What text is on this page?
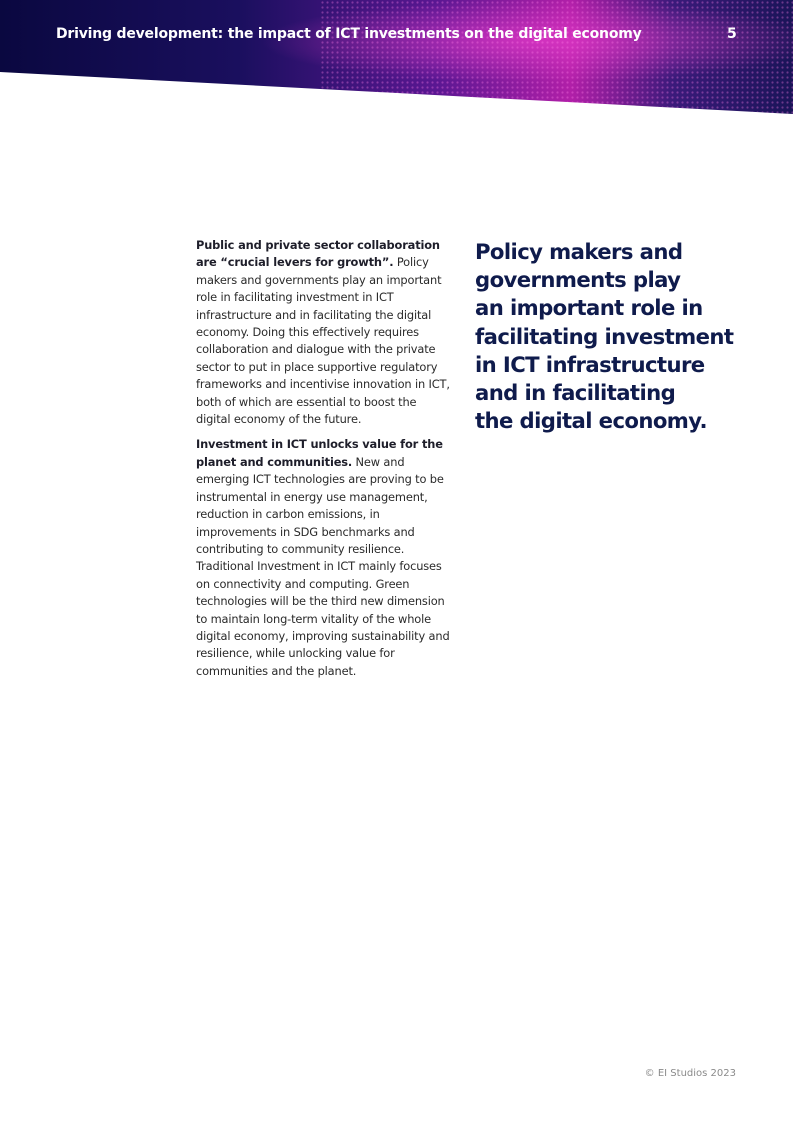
Driving development: the impact of ICT investments on the digital economy	5

Public and private sector collaboration are “crucial levers for growth”. Policy makers and governments play an important role in facilitating investment in ICT infrastructure and in facilitating the digital economy. Doing this effectively requires collaboration and dialogue with the private sector to put in place supportive regulatory frameworks and incentivise innovation in ICT, both of which are essential to boost the digital economy of the future.

Investment in ICT unlocks value for the planet and communities. New and emerging ICT technologies are proving to be instrumental in energy use management, reduction in carbon emissions, in improvements in SDG benchmarks and contributing to community resilience. Traditional Investment in ICT mainly focuses on connectivity and computing. Green technologies will be the third new dimension to maintain long-term vitality of the whole digital economy, improving sustainability and resilience, while unlocking value for communities and the planet.

Policy makers and
governments play
an important role in
facilitating investment
in ICT infrastructure
and in facilitating
the digital economy.
© EI Studios 2023
